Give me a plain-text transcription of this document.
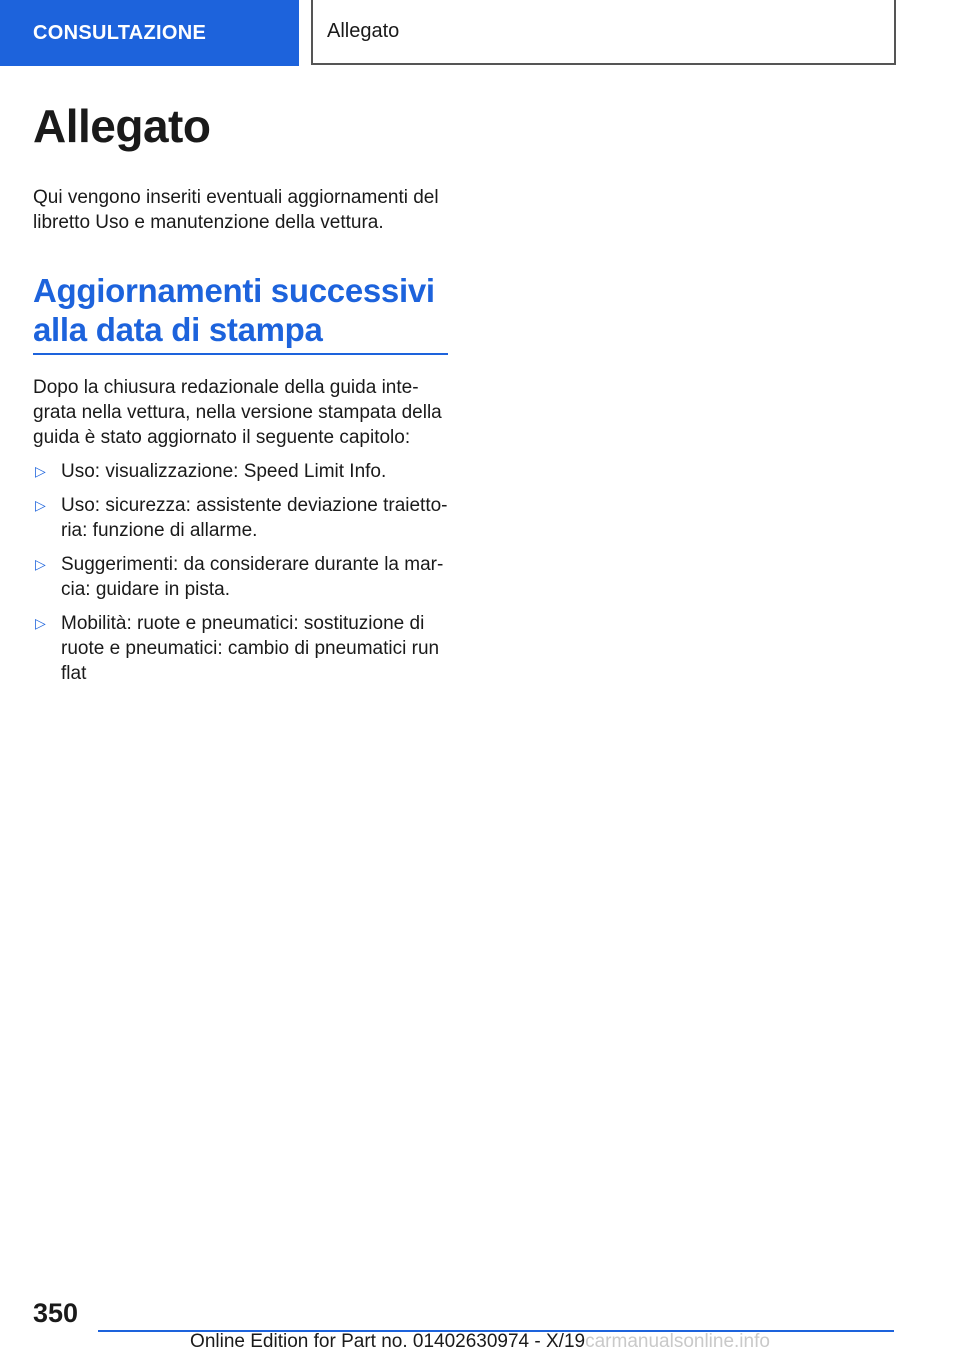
CONSULTAZIONE	Allegato
Allegato

Qui vengono inseriti eventuali aggiornamenti del libretto Uso e manutenzione della vettura.

Aggiornamenti successivi alla data di stampa

Dopo la chiusura redazionale della guida inte-grata nella vettura, nella versione stampata della guida è stato aggiornato il seguente capitolo:

▷ Uso: visualizzazione: Speed Limit Info.
▷ Uso: sicurezza: assistente deviazione traietto-ria: funzione di allarme.
▷ Suggerimenti: da considerare durante la mar-cia: guidare in pista.
▷ Mobilità: ruote e pneumatici: sostituzione di ruote e pneumatici: cambio di pneumatici run flat
350
Online Edition for Part no. 01402630974 - X/19carmanualsonline.info
